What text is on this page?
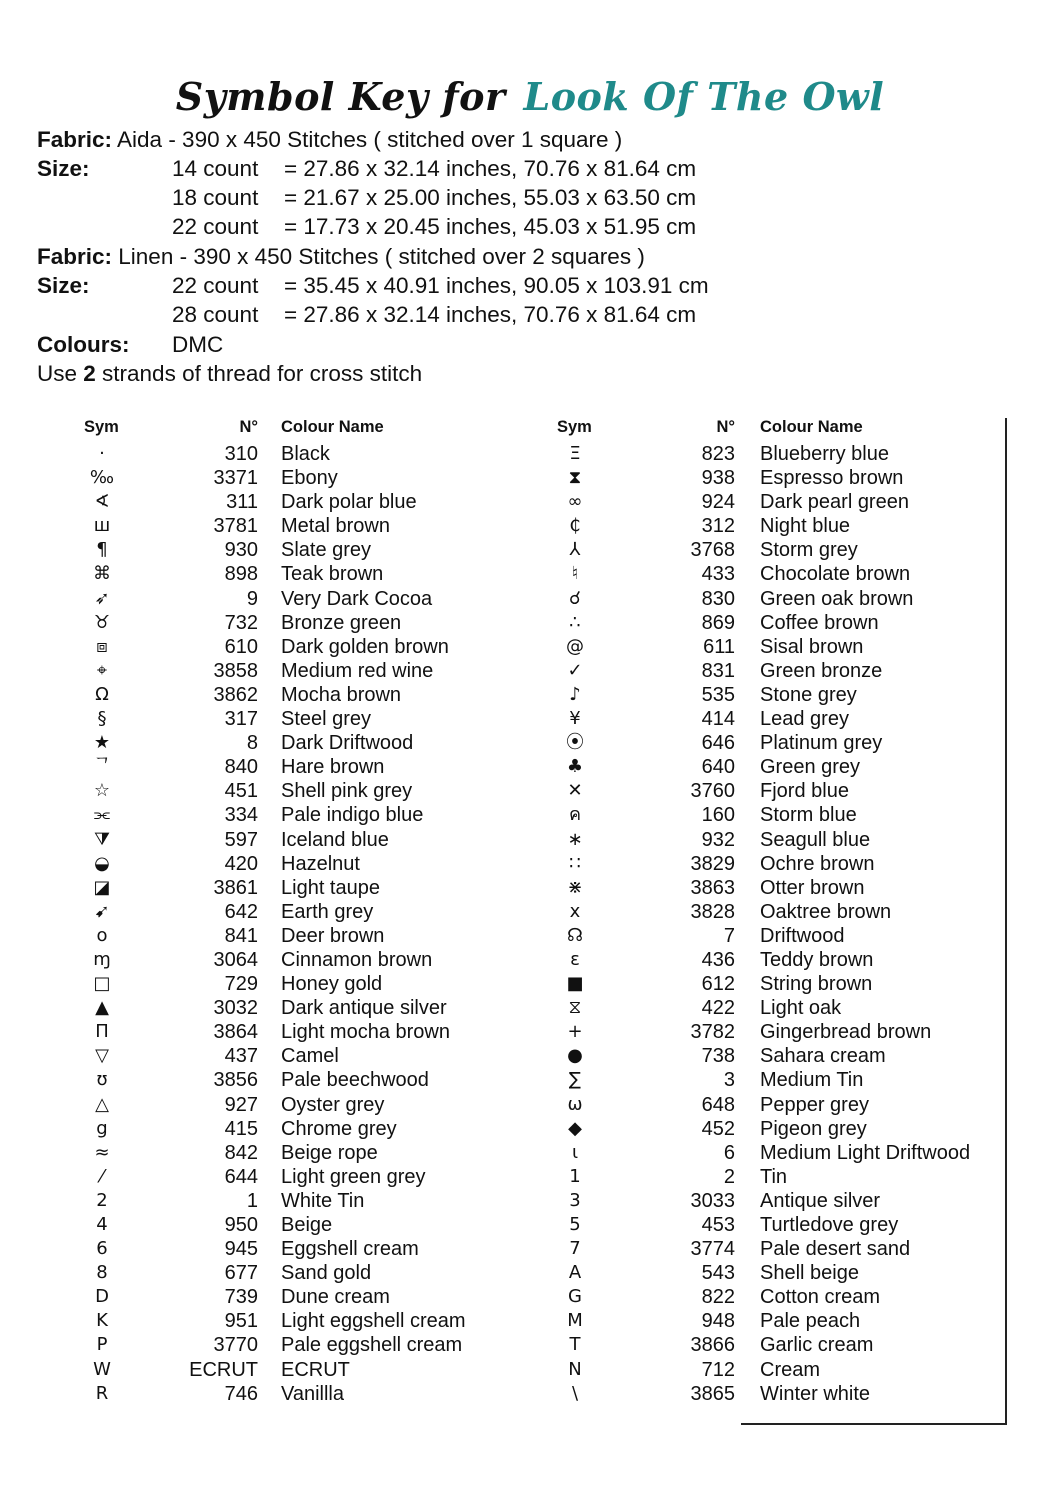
Symbol Key for Look Of The Owl
Fabric: Aida - 390 x 450 Stitches ( stitched over 1 square )
Size:	14 count = 27.86 x 32.14 inches, 70.76 x 81.64 cm
18 count = 21.67 x 25.00 inches, 55.03 x 63.50 cm
22 count = 17.73 x 20.45 inches, 45.03 x 51.95 cm
Fabric: Linen - 390 x 450 Stitches ( stitched over 2 squares )
Size:	22 count = 35.45 x 40.91 inches, 90.05 x 103.91 cm
28 count = 27.86 x 32.14 inches, 70.76 x 81.64 cm
Colours: DMC
Use 2 strands of thread for cross stitch
Sym	N° Colour Name
·	310 Black
‰	3371 Ebony
∢	311 Dark polar blue
ш	3781 Metal brown
¶	930 Slate grey
⌘	898 Teak brown
➶	9 Very Dark Cocoa
♉	732 Bronze green
⧈	610 Dark golden brown
⌖	3858 Medium red wine
Ω	3862 Mocha brown
§	317 Steel grey
★	8 Dark Driftwood
ᄀ	840 Hare brown
☆	451 Shell pink grey
⫘	334 Pale indigo blue
⧩	597 Iceland blue
◒	420 Hazelnut
◪	3861 Light taupe
➹	642 Earth grey
o	841 Deer brown
ɱ	3064 Cinnamon brown
□	729 Honey gold
▲	3032 Dark antique silver
Π	3864 Light mocha brown
▽	437 Camel
ʊ	3856 Pale beechwood
△	927 Oyster grey
g	415 Chrome grey
≈	842 Beige rope
⁄	644 Light green grey
2	1 White Tin
4	950 Beige
6	945 Eggshell cream
8	677 Sand gold
D	739 Dune cream
K	951 Light eggshell cream
P	3770 Pale eggshell cream
W	ECRUT ECRUT
R	746 Vanillla
Sym	N° Colour Name
Ξ	823 Blueberry blue
⧗	938 Espresso brown
∞	924 Dark pearl green
₵	312 Night blue
⅄	3768 Storm grey
♮	433 Chocolate brown
☌	830 Green oak brown
∴	869 Coffee brown
@	611 Sisal brown
✓	831 Green bronze
♪	535 Stone grey
¥	414 Lead grey
⦿	646 Platinum grey
♣	640 Green grey
✕	3760 Fjord blue
ค	160 Storm blue
∗	932 Seagull blue
∷	3829 Ochre brown
⋇	3863 Otter brown
x	3828 Oaktree brown
☊	7 Driftwood
ε	436 Teddy brown
■	612 String brown
⧖	422 Light oak
+	3782 Gingerbread brown
●	738 Sahara cream
∑	3 Medium Tin
ω	648 Pepper grey
◆	452 Pigeon grey
ɩ	6 Medium Light Driftwood
1	2 Tin
3	3033 Antique silver
5	453 Turtledove grey
7	3774 Pale desert sand
A	543 Shell beige
G	822 Cotton cream
M	948 Pale peach
T	3866 Garlic cream
N	712 Cream
\	3865 Winter white
